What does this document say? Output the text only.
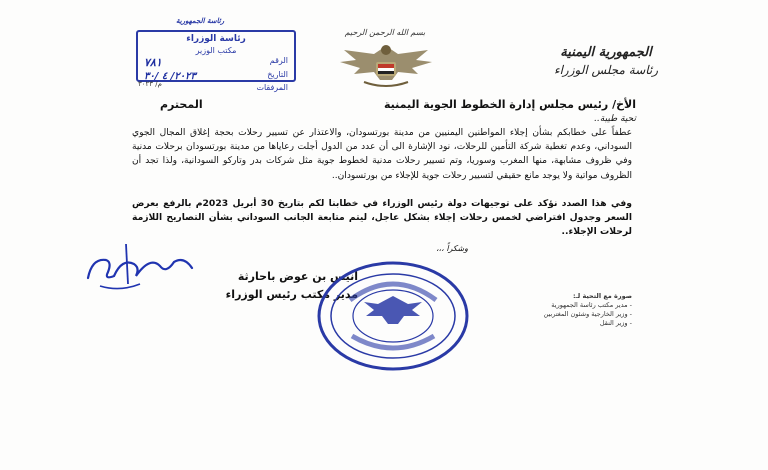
الجمهورية اليمنية
رئاسة مجلس الوزراء
بسم الله الرحمن الرحيم
رئاسة الجمهورية
رئاسة الوزراء
مكتب الوزير
الرقم
٧٨١
التاريخ
٢٠٢٣/ ٤ /٣٠
المرفقات
م/ ٣٠٢٣
الأخ/ رئيس مجلس إدارة الخطوط الجوية اليمنية
المحترم
تحية طيبة..
عطفاً على خطابكم بشأن إجلاء المواطنين اليمنيين من مدينة بورتسودان، والاعتذار عن تسيير رحلات بحجة إغلاق المجال الجوي السوداني، وعدم تغطية شركة التأمين للرحلات، نود الإشارة الى أن عدد من الدول أجلت رعاياها من مدينة بورتسودان برحلات مدنية وفي ظروف مشابهة، منها المغرب وسوريا، وتم تسيير رحلات مدنية لخطوط جوية مثل شركات بدر وتاركو السودانية، ولذا تجد أن الظروف مواتية ولا يوجد مانع حقيقي لتسيير رحلات جوية للإجلاء من بورتسودان..
وفي هذا الصدد نؤكد على توجيهات دولة رئيس الوزراء في خطابنا لكم بتاريخ 30 أبريل 2023م بالرفع بعرض السعر وجدول افتراضي لخمس رحلات إجلاء بشكل عاجل، ليتم متابعة الجانب السوداني بشأن التصاريح اللازمة لرحلات الإجلاء..
وشكراً ،،،
أنيس بن عوض باحارثة
مدير مكتب رئيس الوزراء	صورة مع التحية لـ:
- مدير مكتب رئاسة الجمهورية
- وزير الخارجية وشئون المغتربين
- وزير النقل
